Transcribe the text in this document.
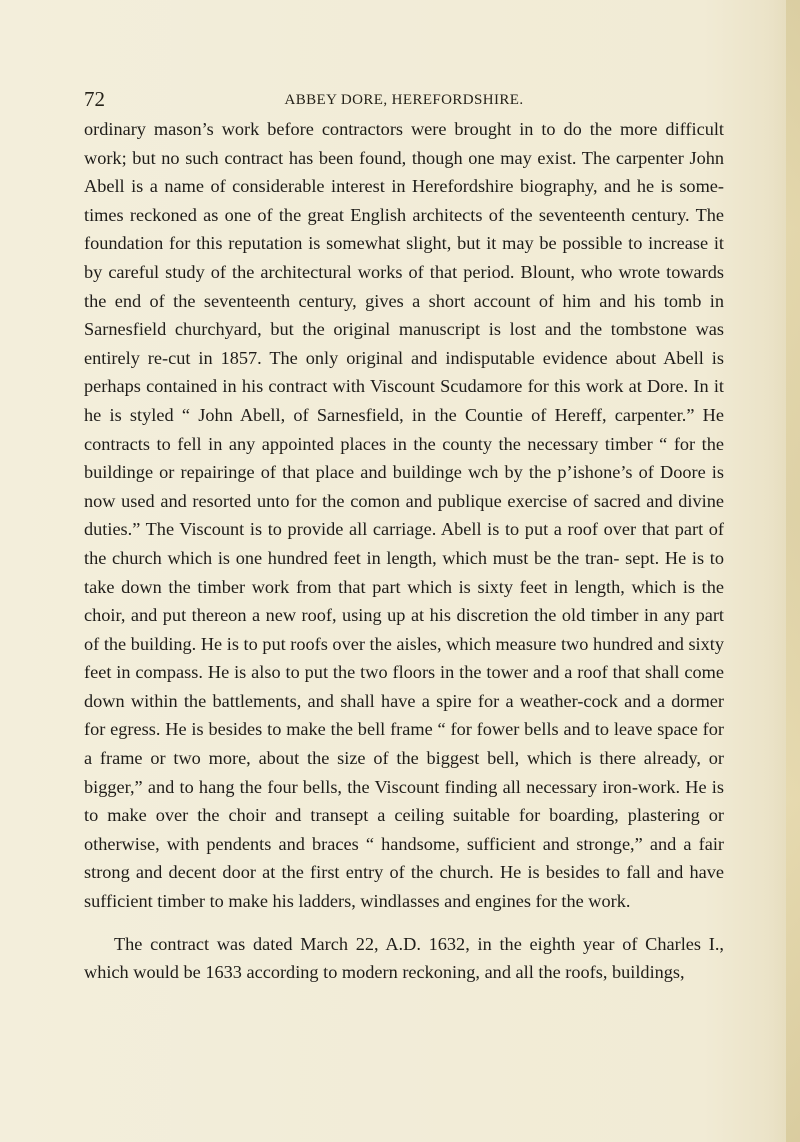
72	ABBEY DORE, HEREFORDSHIRE.

ordinary mason’s work before contractors were brought in to do the more difficult work; but no such contract has been found, though one may exist. The carpenter John Abell is a name of considerable interest in Herefordshire biography, and he is some- times reckoned as one of the great English architects of the seventeenth century. The foundation for this reputation is somewhat slight, but it may be possible to increase it by careful study of the architectural works of that period. Blount, who wrote towards the end of the seventeenth century, gives a short account of him and his tomb in Sarnesfield churchyard, but the original manuscript is lost and the tombstone was entirely re-cut in 1857. The only original and indisputable evidence about Abell is perhaps contained in his contract with Viscount Scudamore for this work at Dore. In it he is styled “ John Abell, of Sarnesfield, in the Countie of Hereff, carpenter.” He contracts to fell in any appointed places in the county the necessary timber “ for the buildinge or repairinge of that place and buildinge wch by the p’ishone’s of Doore is now used and resorted unto for the comon and publique exercise of sacred and divine duties.” The Viscount is to provide all carriage. Abell is to put a roof over that part of the church which is one hundred feet in length, which must be the tran- sept. He is to take down the timber work from that part which is sixty feet in length, which is the choir, and put thereon a new roof, using up at his discretion the old timber in any part of the building. He is to put roofs over the aisles, which measure two hundred and sixty feet in compass. He is also to put the two floors in the tower and a roof that shall come down within the battlements, and shall have a spire for a weather-cock and a dormer for egress. He is besides to make the bell frame “ for fower bells and to leave space for a frame or two more, about the size of the biggest bell, which is there already, or bigger,” and to hang the four bells, the Viscount finding all necessary iron-work. He is to make over the choir and transept a ceiling suitable for boarding, plastering or otherwise, with pendents and braces “ handsome, sufficient and stronge,” and a fair strong and decent door at the first entry of the church. He is besides to fall and have sufficient timber to make his ladders, windlasses and engines for the work.

The contract was dated March 22, A.D. 1632, in the eighth year of Charles I., which would be 1633 according to modern reckoning, and all the roofs, buildings,
